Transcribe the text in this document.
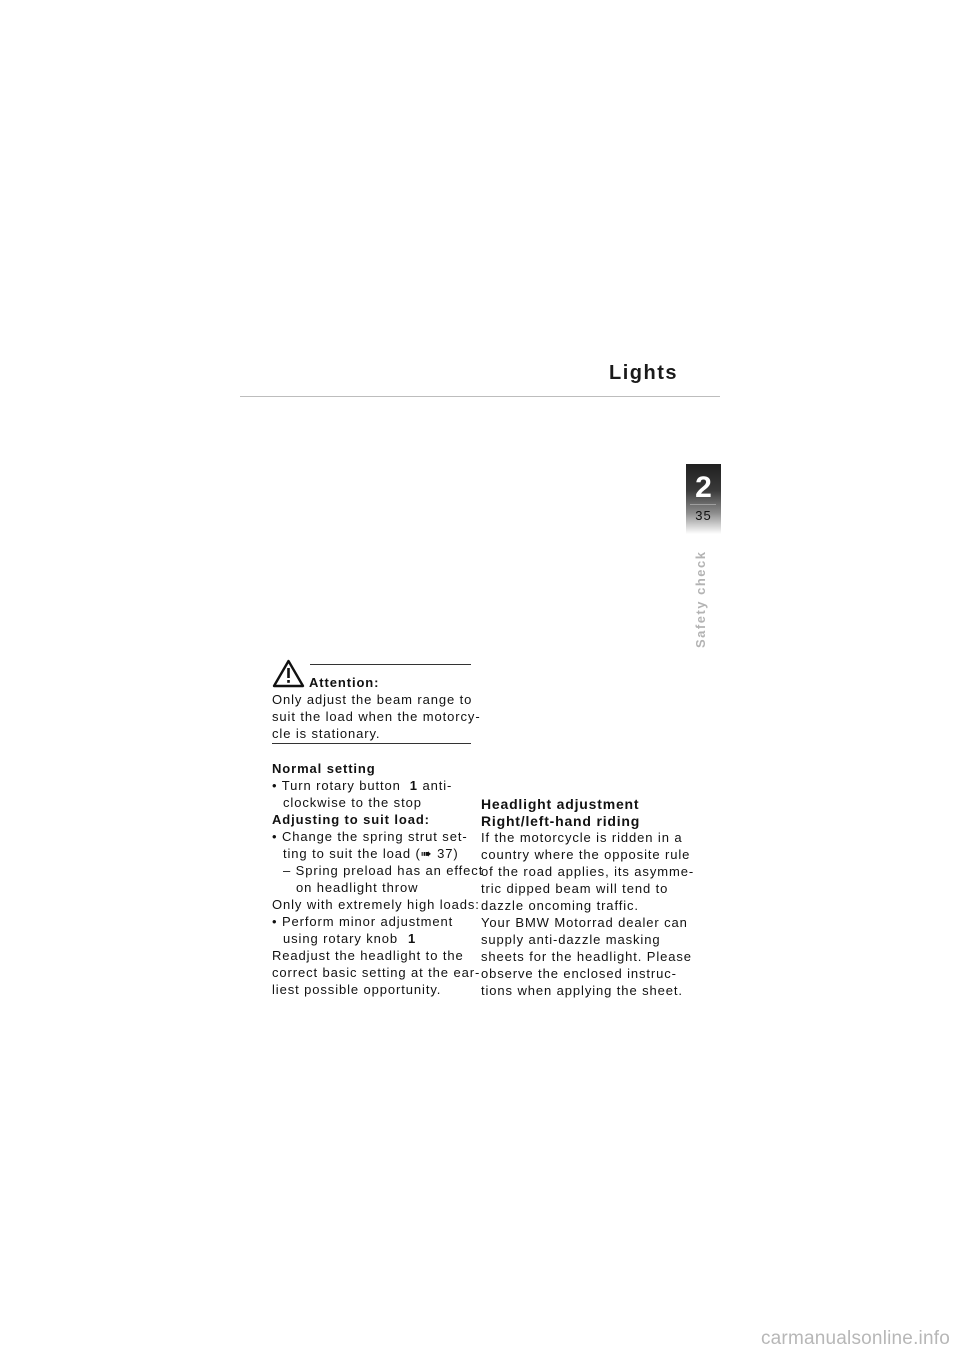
Lights
2
35
Safety check
Attention:
Only adjust the beam range to
suit the load when the motorcy-
cle is stationary.
Normal setting
• Turn rotary button 1 anti-
clockwise to the stop
Adjusting to suit load:
• Change the spring strut set-
ting to suit the load (➠ 37)
– Spring preload has an effect
on headlight throw
Only with extremely high loads:
• Perform minor adjustment
using rotary knob 1
Readjust the headlight to the
correct basic setting at the ear-
liest possible opportunity.
Headlight adjustment
Right/left-hand riding
If the motorcycle is ridden in a
country where the opposite rule
of the road applies, its asymme-
tric dipped beam will tend to
dazzle oncoming traffic.
Your BMW Motorrad dealer can
supply anti-dazzle masking
sheets for the headlight. Please
observe the enclosed instruc-
tions when applying the sheet.
carmanualsonline.info
